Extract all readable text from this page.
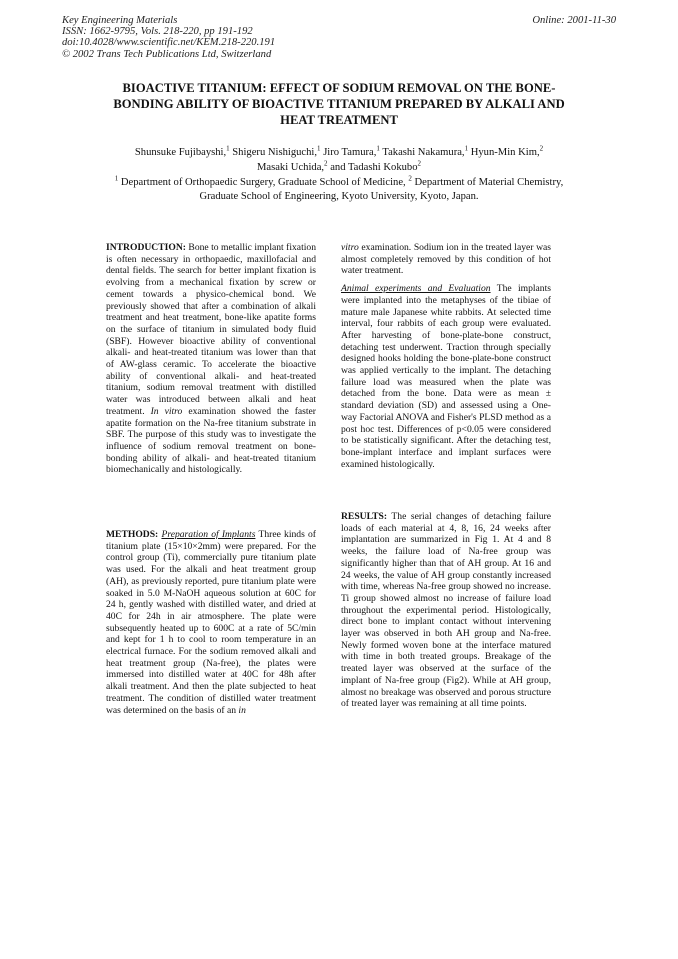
Key Engineering Materials
ISSN: 1662-9795, Vols. 218-220, pp 191-192
doi:10.4028/www.scientific.net/KEM.218-220.191
© 2002 Trans Tech Publications Ltd, Switzerland
Online: 2001-11-30
BIOACTIVE TITANIUM: EFFECT OF SODIUM REMOVAL ON THE BONE-BONDING ABILITY OF BIOACTIVE TITANIUM PREPARED BY ALKALI AND HEAT TREATMENT
Shunsuke Fujibayshi,$^1$ Shigeru Nishiguchi,$^1$ Jiro Tamura,$^1$ Takashi Nakamura,$^1$ Hyun-Min Kim,$^2$
Masaki Uchida,$^2$ and Tadashi Kokubo$^2$
$^1$ Department of Orthopaedic Surgery, Graduate School of Medicine, $^2$ Department of Material Chemistry, Graduate School of Engineering, Kyoto University, Kyoto, Japan.

INTRODUCTION: Bone to metallic implant fixation is often necessary in orthopaedic, maxillofacial and dental fields. The search for better implant fixation is evolving from a mechanical fixation by screw or cement towards a physico-chemical bond. We previously showed that after a combination of alkali treatment and heat treatment, bone-like apatite forms on the surface of titanium in simulated body fluid (SBF). However bioactive ability of conventional alkali- and heat-treated titanium was lower than that of AW-glass ceramic. To accelerate the bioactive ability of conventional alkali- and heat-treated titanium, sodium removal treatment with distilled water was introduced between alkali and heat treatment. In vitro examination showed the faster apatite formation on the Na-free titanium substrate in SBF. The purpose of this study was to investigate the influence of sodium removal treatment on bone-bonding ability of alkali- and heat-treated titanium biomechanically and histologically.

METHODS: Preparation of Implants Three kinds of titanium plate (15×10×2mm) were prepared. For the control group (Ti), commercially pure titanium plate was used. For the alkali and heat treatment group (AH), as previously reported, pure titanium plate were soaked in 5.0 M-NaOH aqueous solution at 60C for 24 h, gently washed with distilled water, and dried at 40C for 24h in air atmosphere. The plate were subsequently heated up to 600C at a rate of 5C/min and kept for 1 h to cool to room temperature in an electrical furnace. For the sodium removed alkali and heat treatment group (Na-free), the plates were immersed into distilled water at 40C for 48h after alkali treatment. And then the plate subjected to heat treatment. The condition of distilled water treatment was determined on the basis of an in

vitro examination. Sodium ion in the treated layer was almost completely removed by this condition of hot water treatment.

Animal experiments and Evaluation The implants were implanted into the metaphyses of the tibiae of mature male Japanese white rabbits. At selected time interval, four rabbits of each group were evaluated. After harvesting of bone-plate-bone construct, detaching test underwent. Traction through specially designed hooks holding the bone-plate-bone construct was applied vertically to the implant. The detaching failure load was measured when the plate was detached from the bone. Data were as mean ± standard deviation (SD) and assessed using a One-way Factorial ANOVA and Fisher's PLSD method as a post hoc test. Differences of p<0.05 were considered to be statistically significant. After the detaching test, bone-implant interface and implant surfaces were examined histologically.

RESULTS: The serial changes of detaching failure loads of each material at 4, 8, 16, 24 weeks after implantation are summarized in Fig 1. At 4 and 8 weeks, the failure load of Na-free group was significantly higher than that of AH group. At 16 and 24 weeks, the value of AH group constantly increased with time, whereas Na-free group showed no increase. Ti group showed almost no increase of failure load throughout the experimental period. Histologically, direct bone to implant contact without intervening layer was observed in both AH group and Na-free. Newly formed woven bone at the interface matured with time in both treated groups. Breakage of the treated layer was observed at the surface of the implant of Na-free group (Fig2). While at AH group, almost no breakage was observed and porous structure of treated layer was remaining at all time points.
